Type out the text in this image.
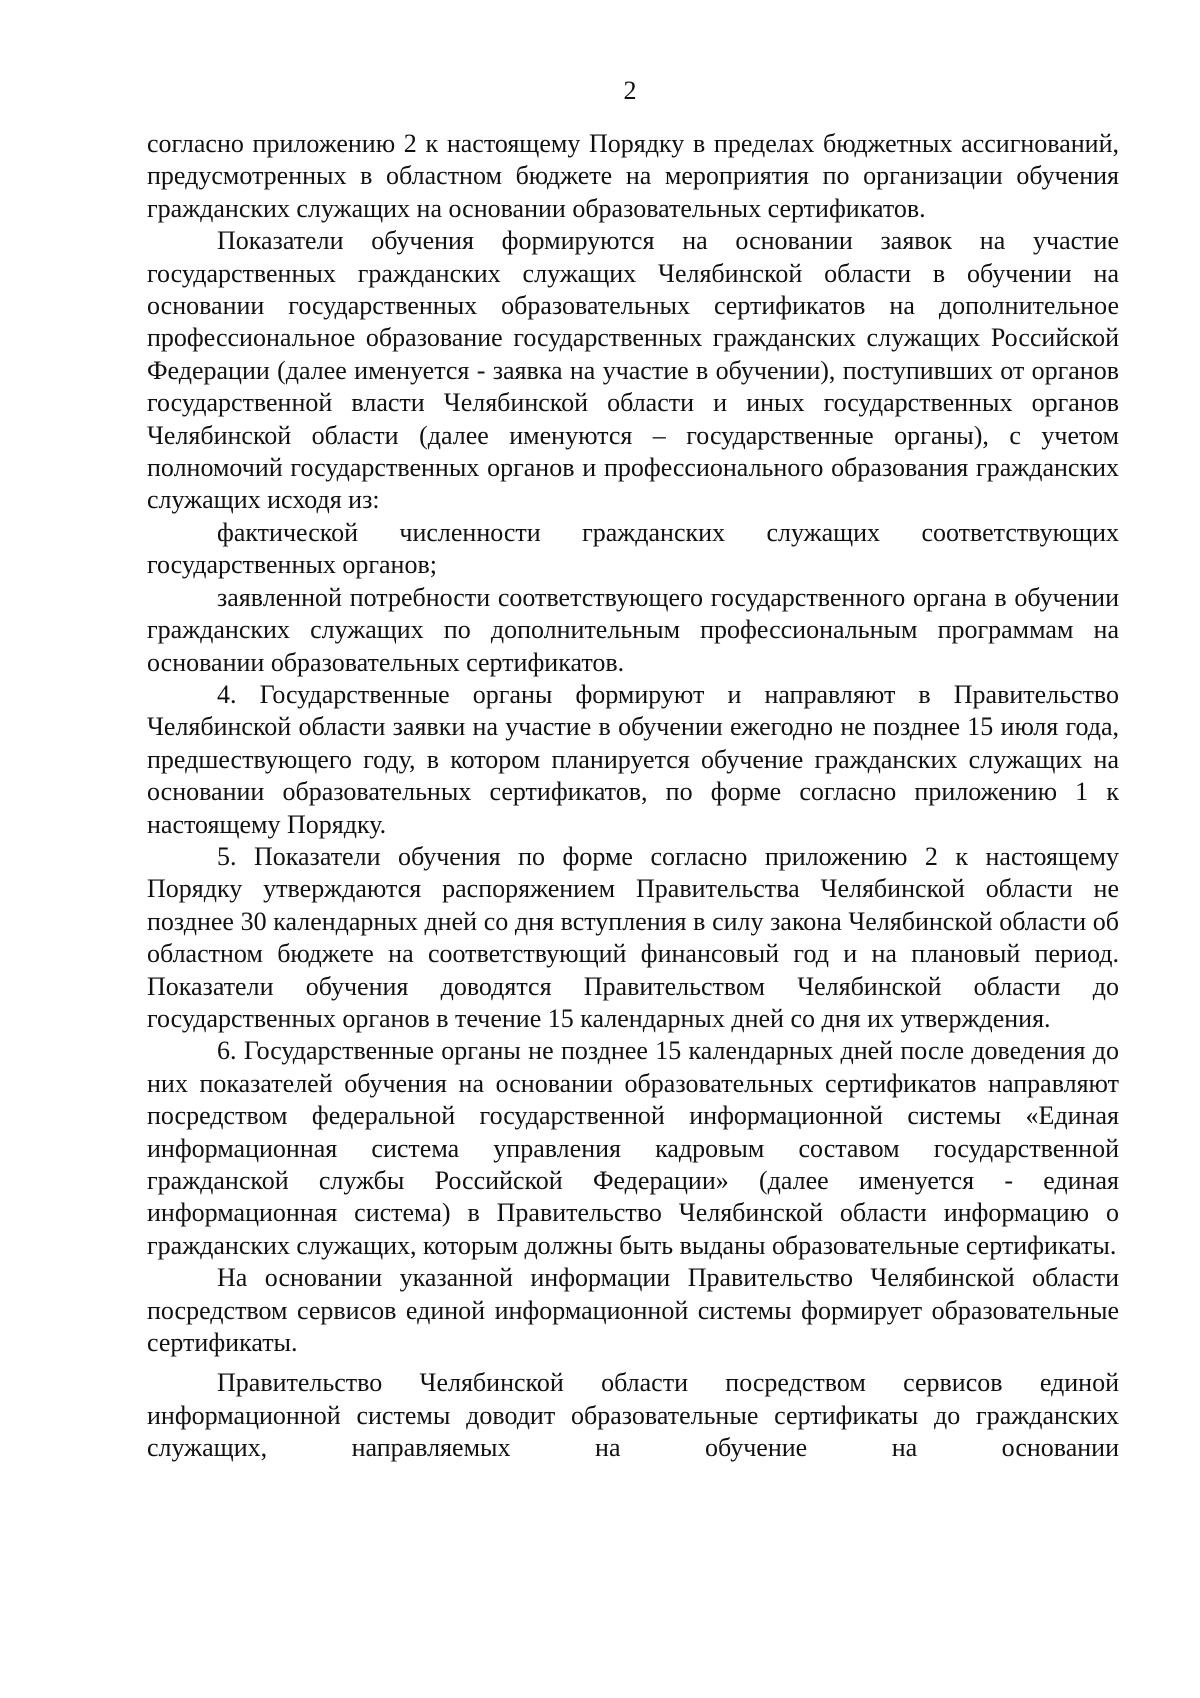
2

согласно приложению 2 к настоящему Порядку в пределах бюджетных ассигнований, предусмотренных в областном бюджете на мероприятия по организации обучения гражданских служащих на основании образовательных сертификатов.

Показатели обучения формируются на основании заявок на участие государственных гражданских служащих Челябинской области в обучении на основании государственных образовательных сертификатов на дополнительное профессиональное образование государственных гражданских служащих Российской Федерации (далее именуется - заявка на участие в обучении), поступивших от органов государственной власти Челябинской области и иных государственных органов Челябинской области (далее именуются – государственные органы), с учетом полномочий государственных органов и профессионального образования гражданских служащих исходя из:

фактической численности гражданских служащих соответствующих государственных органов;

заявленной потребности соответствующего государственного органа в обучении гражданских служащих по дополнительным профессиональным программам на основании образовательных сертификатов.

4. Государственные органы формируют и направляют в Правительство Челябинской области заявки на участие в обучении ежегодно не позднее 15 июля года, предшествующего году, в котором планируется обучение гражданских служащих на основании образовательных сертификатов, по форме согласно приложению 1 к настоящему Порядку.

5. Показатели обучения по форме согласно приложению 2 к настоящему Порядку утверждаются распоряжением Правительства Челябинской области не позднее 30 календарных дней со дня вступления в силу закона Челябинской области об областном бюджете на соответствующий финансовый год и на плановый период. Показатели обучения доводятся Правительством Челябинской области до государственных органов в течение 15 календарных дней со дня их утверждения.

6. Государственные органы не позднее 15 календарных дней после доведения до них показателей обучения на основании образовательных сертификатов направляют посредством федеральной государственной информационной системы «Единая информационная система управления кадровым составом государственной гражданской службы Российской Федерации» (далее именуется - единая информационная система) в Правительство Челябинской области информацию о гражданских служащих, которым должны быть выданы образовательные сертификаты.

На основании указанной информации Правительство Челябинской области посредством сервисов единой информационной системы формирует образовательные сертификаты.

Правительство Челябинской области посредством сервисов единой информационной системы доводит образовательные сертификаты до гражданских служащих, направляемых на обучение на основании
